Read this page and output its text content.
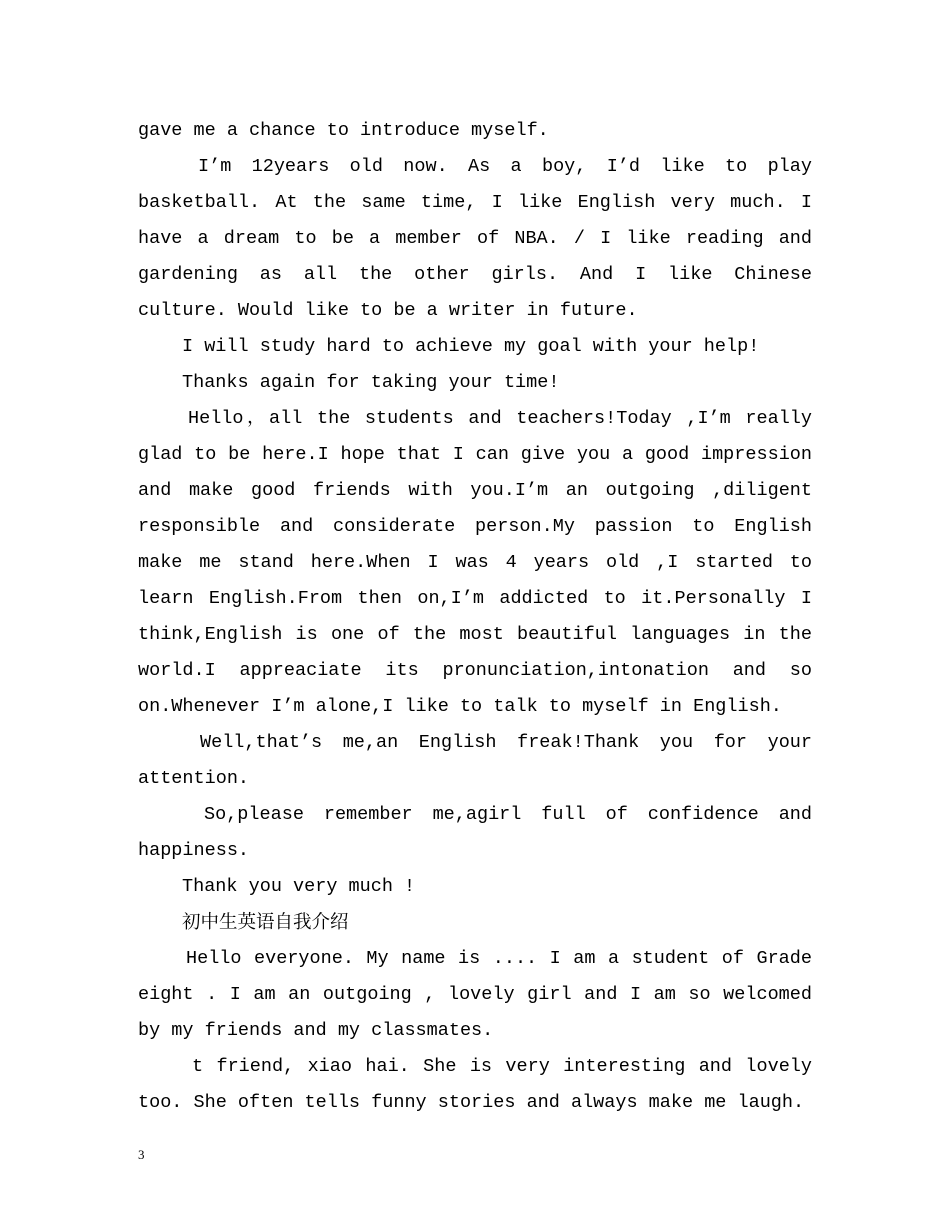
gave me a chance to introduce myself.

I’m 12years old now. As a boy, I’d like to play basketball. At the same time, I like English very much. I have a dream to be a member of NBA. / I like reading and gardening as all the other girls. And I like Chinese culture. Would like to be a writer in future.

I will study hard to achieve my goal with your help!

Thanks again for taking your time!

Hello，all the students and teachers!Today ,I’m really glad to be here.I hope that I can give you a good impression and make good friends with you.I’m an outgoing ,diligent responsible and considerate person.My passion to English make me stand here.When I was 4 years old ,I started to learn English.From then on,I’m addicted to it.Personally I think,English is one of the most beautiful languages in the world.I appreaciate its pronunciation,intonation and so on.Whenever I’m alone,I like to talk to myself in English.

Well,that’s me,an English freak!Thank you for your attention.

So,please remember me,agirl full of confidence and happiness.

Thank you very much !

初中生英语自我介绍

Hello everyone. My name is .... I am a student of Grade eight . I am an outgoing , lovely girl and I am so welcomed by my friends and my classmates.

t friend, xiao hai. She is very interesting and lovely too. She often tells funny stories and always make me laugh.

3
